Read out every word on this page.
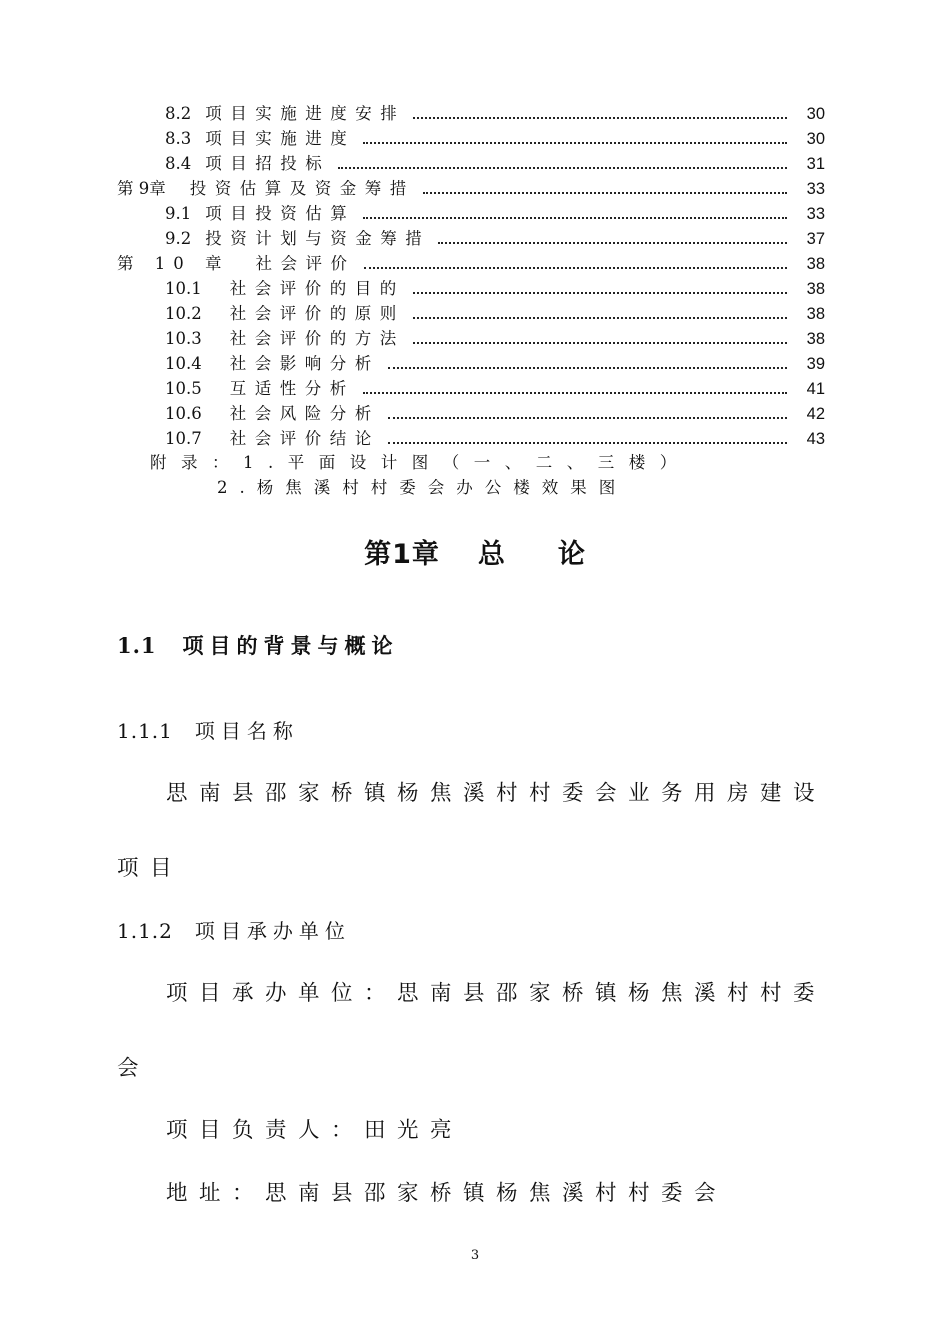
8.2 项目实施进度安排	30
8.3 项目实施进度	30
8.4 项目招投标	31
第 9章 投资估算及资金筹措	33
9.1 项目投资估算	33
9.2 投资计划与资金筹措	37
第 10 章 社会评价	38
10.1 社会评价的目的	38
10.2 社会评价的原则	38
10.3 社会评价的方法	38
10.4 社会影响分析	39
10.5 互适性分析	41
10.6 社会风险分析	42
10.7 社会评价结论	43
附录：1.平面设计图（一、二、三楼）
2.杨焦溪村村委会办公楼效果图
第1章 总 论
1.1 项目的背景与概论
1.1.1 项目名称
思南县邵家桥镇杨焦溪村村委会业务用房建设
项目
1.1.2 项目承办单位
项目承办单位：思南县邵家桥镇杨焦溪村村委
会
项目负责人：田光亮
地址：思南县邵家桥镇杨焦溪村村委会
3
